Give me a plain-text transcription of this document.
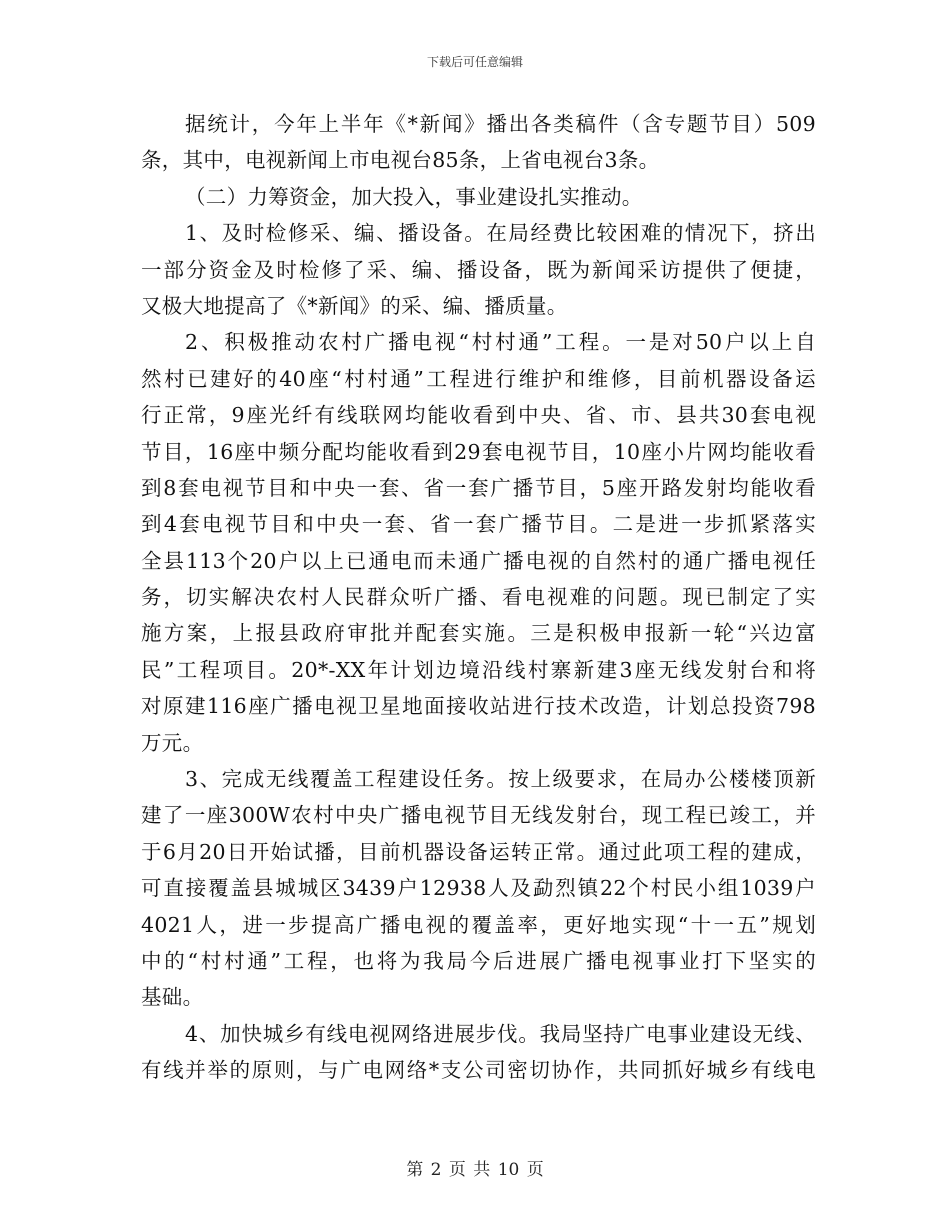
下载后可任意编辑
据统计，今年上半年《*新闻》播出各类稿件（含专题节目）509
条，其中，电视新闻上市电视台85条，上省电视台3条。
（二）力筹资金，加大投入，事业建设扎实推动。
1、及时检修采、编、播设备。在局经费比较困难的情况下，挤出
一部分资金及时检修了采、编、播设备，既为新闻采访提供了便捷，
又极大地提高了《*新闻》的采、编、播质量。
2、积极推动农村广播电视“村村通”工程。一是对50户以上自
然村已建好的40座“村村通”工程进行维护和维修，目前机器设备运
行正常，9座光纤有线联网均能收看到中央、省、市、县共30套电视
节目，16座中频分配均能收看到29套电视节目，10座小片网均能收看
到8套电视节目和中央一套、省一套广播节目，5座开路发射均能收看
到4套电视节目和中央一套、省一套广播节目。二是进一步抓紧落实
全县113个20户以上已通电而未通广播电视的自然村的通广播电视任
务，切实解决农村人民群众听广播、看电视难的问题。现已制定了实
施方案，上报县政府审批并配套实施。三是积极申报新一轮“兴边富
民”工程项目。20*-XX年计划边境沿线村寨新建3座无线发射台和将
对原建116座广播电视卫星地面接收站进行技术改造，计划总投资798
万元。
3、完成无线覆盖工程建设任务。按上级要求，在局办公楼楼顶新
建了一座300W农村中央广播电视节目无线发射台，现工程已竣工，并
于6月20日开始试播，目前机器设备运转正常。通过此项工程的建成，
可直接覆盖县城城区3439户12938人及勐烈镇22个村民小组1039户
4021人，进一步提高广播电视的覆盖率，更好地实现“十一五”规划
中的“村村通”工程，也将为我局今后进展广播电视事业打下坚实的
基础。
4、加快城乡有线电视网络进展步伐。我局坚持广电事业建设无线、
有线并举的原则，与广电网络*支公司密切协作，共同抓好城乡有线电
第 2 页 共 10 页
